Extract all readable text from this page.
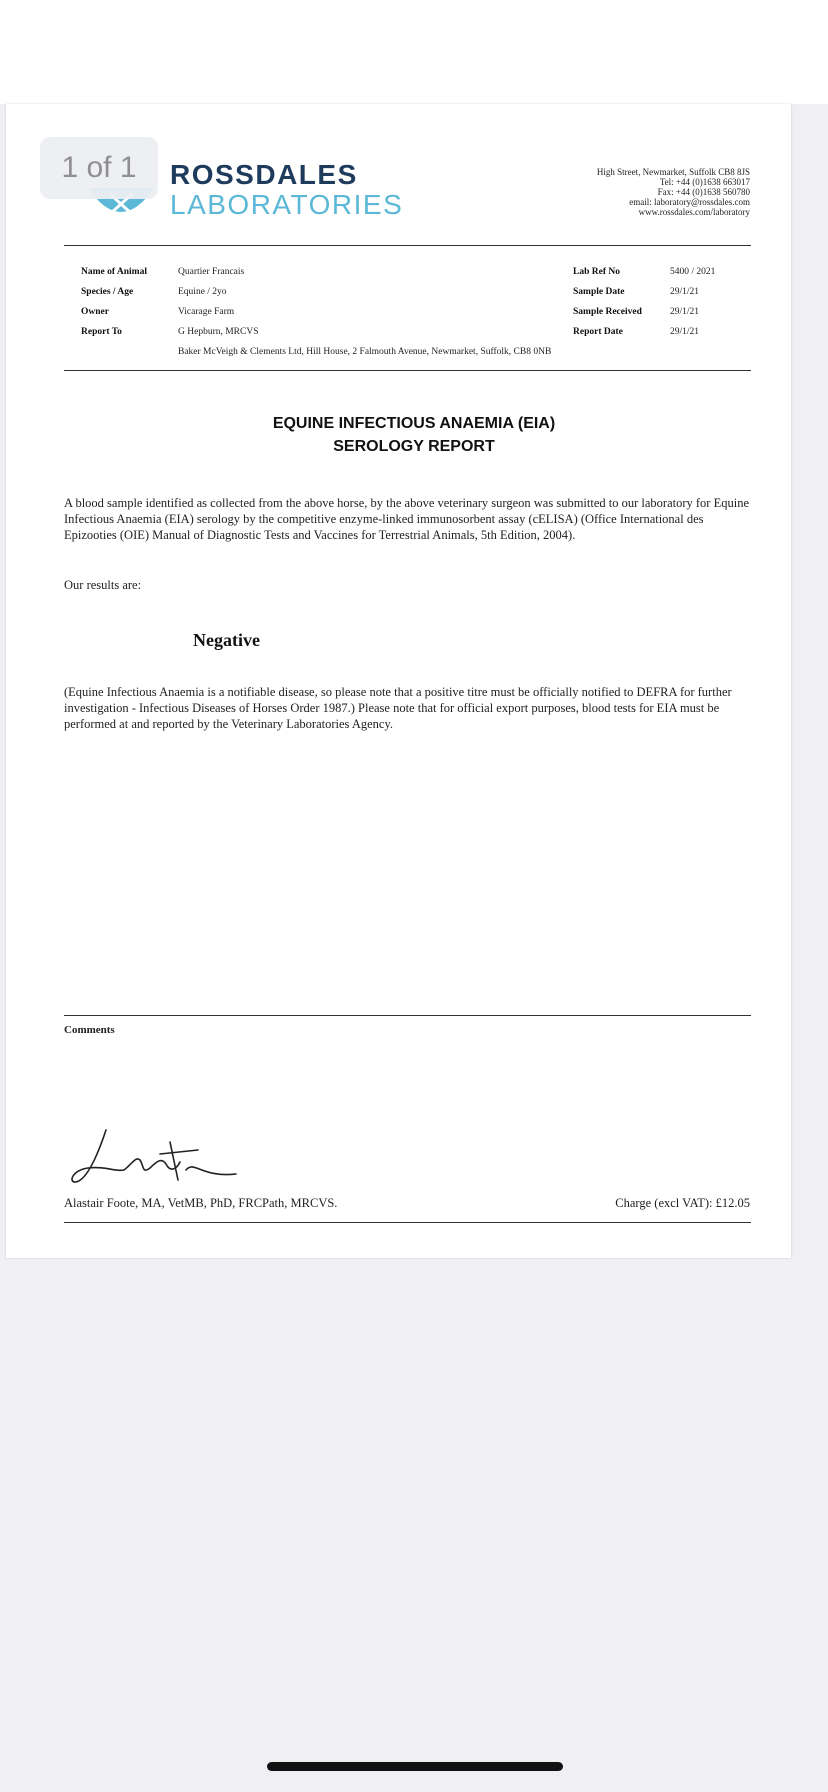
1 of 1	ROSSDALES
LABORATORIES
High Street, Newmarket, Suffolk CB8 8JS
Tel: +44 (0)1638 663017
Fax: +44 (0)1638 560780
email: laboratory@rossdales.com
www.rossdales.com/laboratory
Name of Animal	Quartier Francais
Species / Age	Equine / 2yo
Owner	Vicarage Farm
Report To	G Hepburn, MRCVS
Baker McVeigh & Clements Ltd, Hill House, 2 Falmouth Avenue, Newmarket, Suffolk, CB8 0NB
Lab Ref No	5400 / 2021
Sample Date	29/1/21
Sample Received	29/1/21
Report Date	29/1/21
EQUINE INFECTIOUS ANAEMIA (EIA)
SEROLOGY REPORT
A blood sample identified as collected from the above horse, by the above veterinary surgeon was submitted to our laboratory for Equine Infectious Anaemia (EIA) serology by the competitive enzyme-linked immunosorbent assay (cELISA) (Office International des Epizooties (OIE) Manual of Diagnostic Tests and Vaccines for Terrestrial Animals, 5th Edition, 2004).
Our results are:
Negative
(Equine Infectious Anaemia is a notifiable disease, so please note that a positive titre must be officially notified to DEFRA for further investigation - Infectious Diseases of Horses Order 1987.) Please note that for official export purposes, blood tests for EIA must be performed at and reported by the Veterinary Laboratories Agency.
Comments
Alastair Foote, MA, VetMB, PhD, FRCPath, MRCVS.	Charge (excl VAT): £12.05
